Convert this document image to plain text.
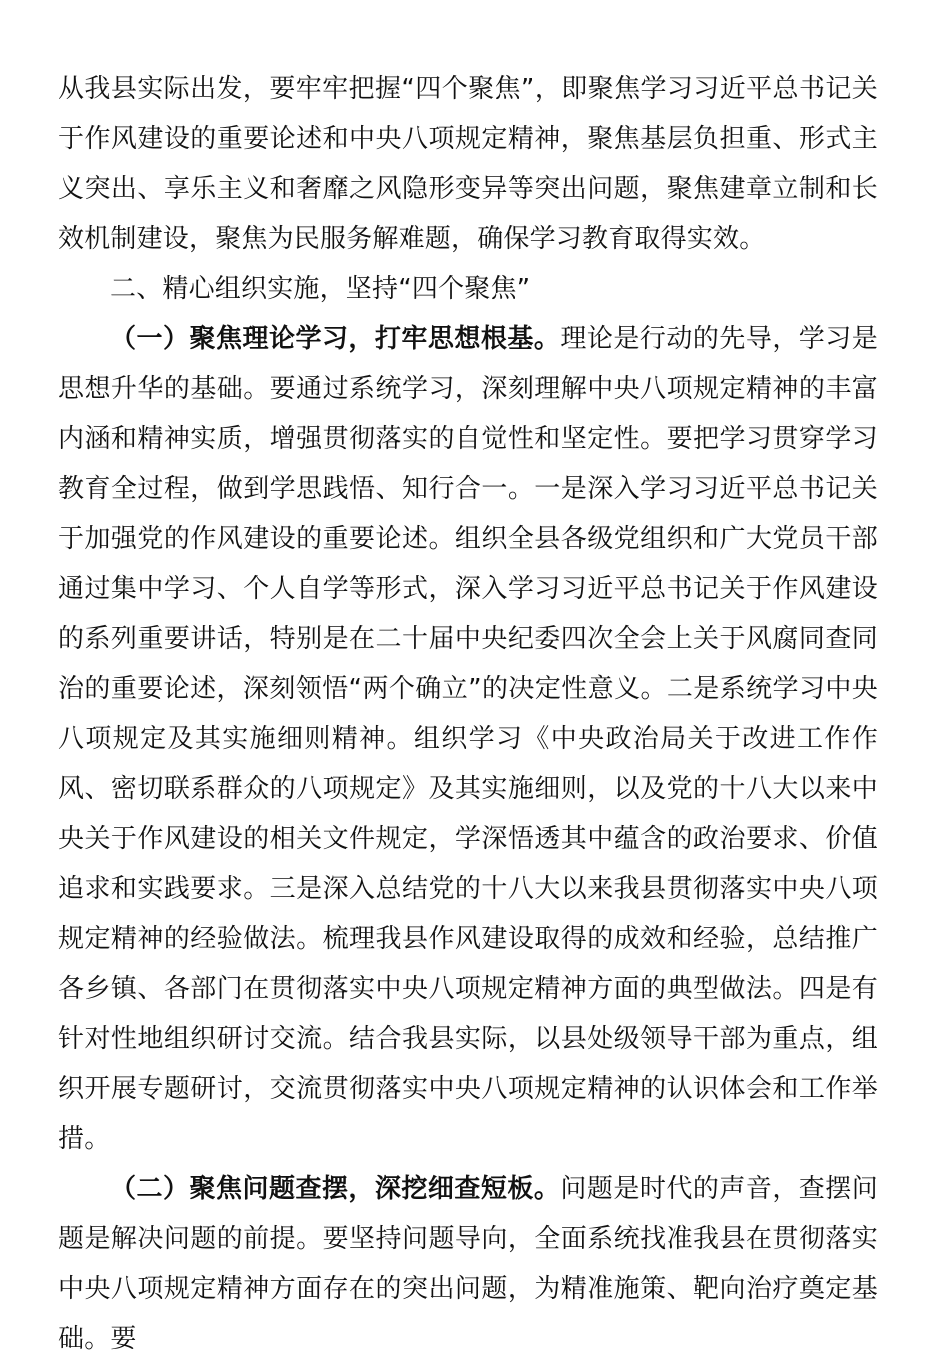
从我县实际出发，要牢牢把握“四个聚焦”，即聚焦学习习近平总书记关于作风建设的重要论述和中央八项规定精神，聚焦基层负担重、形式主义突出、享乐主义和奢靡之风隐形变异等突出问题，聚焦建章立制和长效机制建设，聚焦为民服务解难题，确保学习教育取得实效。

二、精心组织实施，坚持“四个聚焦”

（一）聚焦理论学习，打牢思想根基。理论是行动的先导，学习是思想升华的基础。要通过系统学习，深刻理解中央八项规定精神的丰富内涵和精神实质，增强贯彻落实的自觉性和坚定性。要把学习贯穿学习教育全过程，做到学思践悟、知行合一。一是深入学习习近平总书记关于加强党的作风建设的重要论述。组织全县各级党组织和广大党员干部通过集中学习、个人自学等形式，深入学习习近平总书记关于作风建设的系列重要讲话，特别是在二十届中央纪委四次全会上关于风腐同查同治的重要论述，深刻领悟“两个确立”的决定性意义。二是系统学习中央八项规定及其实施细则精神。组织学习《中央政治局关于改进工作作风、密切联系群众的八项规定》及其实施细则，以及党的十八大以来中央关于作风建设的相关文件规定，学深悟透其中蕴含的政治要求、价值追求和实践要求。三是深入总结党的十八大以来我县贯彻落实中央八项规定精神的经验做法。梳理我县作风建设取得的成效和经验，总结推广各乡镇、各部门在贯彻落实中央八项规定精神方面的典型做法。四是有针对性地组织研讨交流。结合我县实际，以县处级领导干部为重点，组织开展专题研讨，交流贯彻落实中央八项规定精神的认识体会和工作举措。

（二）聚焦问题查摆，深挖细查短板。问题是时代的声音，查摆问题是解决问题的前提。要坚持问题导向，全面系统找准我县在贯彻落实中央八项规定精神方面存在的突出问题，为精准施策、靶向治疗奠定基础。要
